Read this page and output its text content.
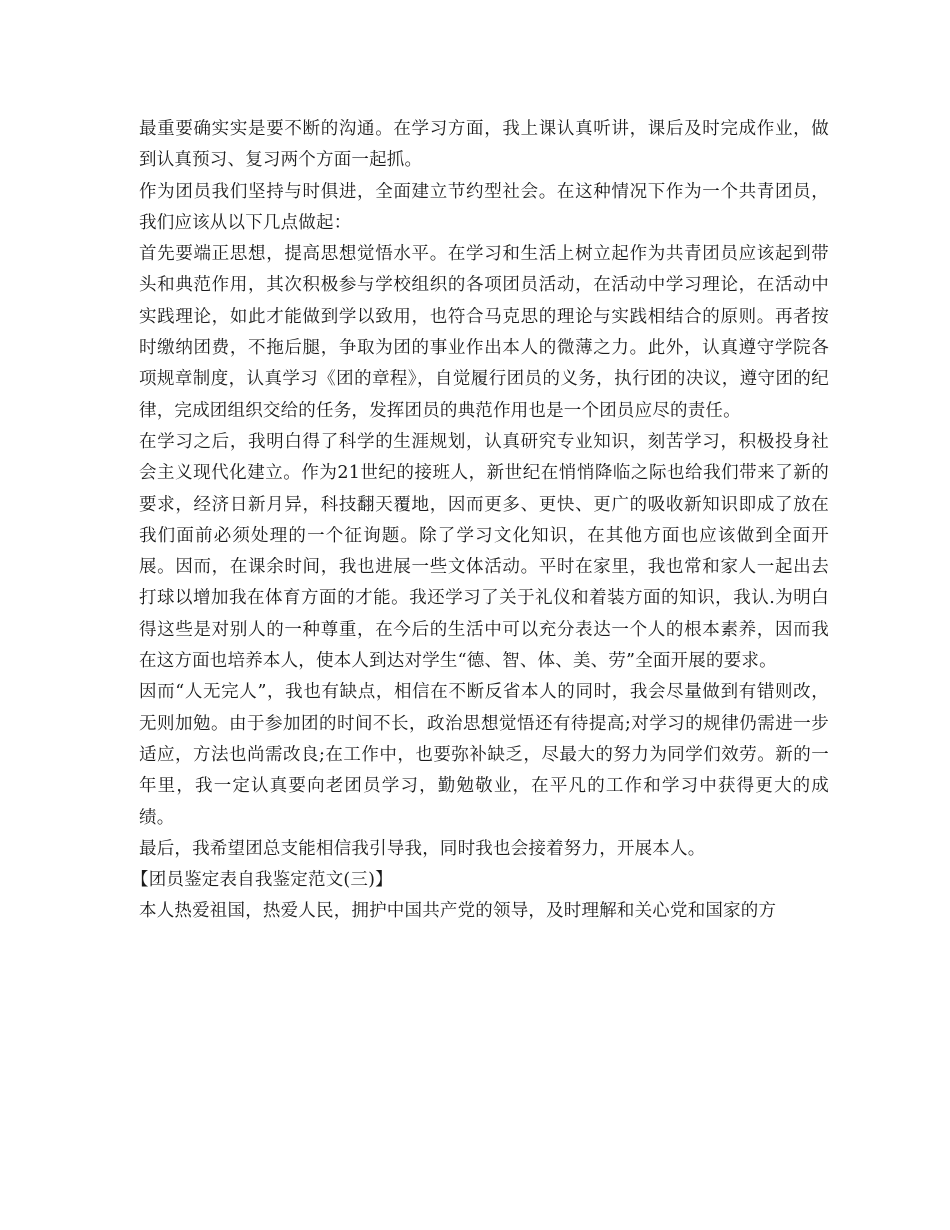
最重要确实实是要不断的沟通。在学习方面，我上课认真听讲，课后及时完成作业，做到认真预习、复习两个方面一起抓。

作为团员我们坚持与时俱进，全面建立节约型社会。在这种情况下作为一个共青团员，我们应该从以下几点做起：

首先要端正思想，提高思想觉悟水平。在学习和生活上树立起作为共青团员应该起到带头和典范作用，其次积极参与学校组织的各项团员活动，在活动中学习理论，在活动中实践理论，如此才能做到学以致用，也符合马克思的理论与实践相结合的原则。再者按时缴纳团费，不拖后腿，争取为团的事业作出本人的微薄之力。此外，认真遵守学院各项规章制度，认真学习《团的章程》，自觉履行团员的义务，执行团的决议，遵守团的纪律，完成团组织交给的任务，发挥团员的典范作用也是一个团员应尽的责任。

在学习之后，我明白得了科学的生涯规划，认真研究专业知识，刻苦学习，积极投身社会主义现代化建立。作为21世纪的接班人，新世纪在悄悄降临之际也给我们带来了新的要求，经济日新月异，科技翻天覆地，因而更多、更快、更广的吸收新知识即成了放在我们面前必须处理的一个征询题。除了学习文化知识，在其他方面也应该做到全面开展。因而，在课余时间，我也进展一些文体活动。平时在家里，我也常和家人一起出去打球以增加我在体育方面的才能。我还学习了关于礼仪和着装方面的知识，我认.为明白得这些是对别人的一种尊重，在今后的生活中可以充分表达一个人的根本素养，因而我在这方面也培养本人，使本人到达对学生“德、智、体、美、劳”全面开展的要求。

因而“人无完人”，我也有缺点，相信在不断反省本人的同时，我会尽量做到有错则改，无则加勉。由于参加团的时间不长，政治思想觉悟还有待提高;对学习的规律仍需进一步适应，方法也尚需改良;在工作中，也要弥补缺乏，尽最大的努力为同学们效劳。新的一年里，我一定认真要向老团员学习，勤勉敬业，在平凡的工作和学习中获得更大的成绩。

最后，我希望团总支能相信我引导我，同时我也会接着努力，开展本人。

【团员鉴定表自我鉴定范文(三)】

本人热爱祖国，热爱人民，拥护中国共产党的领导，及时理解和关心党和国家的方
